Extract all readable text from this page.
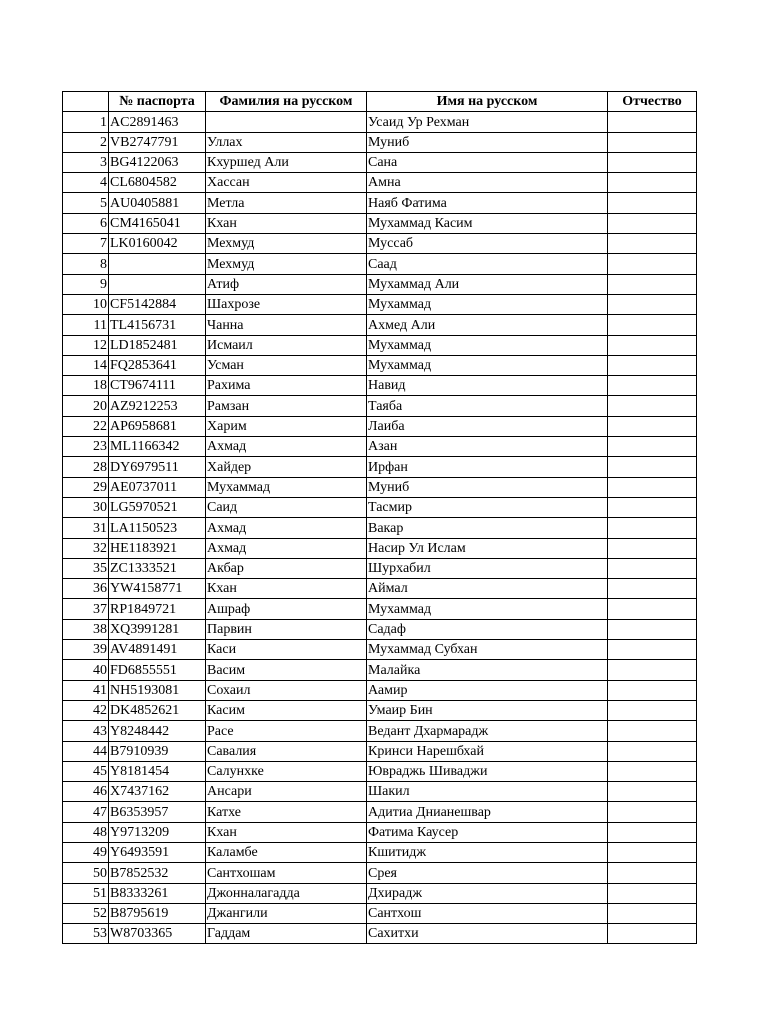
	№ паспорта	Фамилия на русском	Имя на русском	Отчество
1	AC2891463		Усаид Ур Рехман	
2	VB2747791	Уллах	Муниб	
3	BG4122063	Кхуршед Али	Сана	
4	CL6804582	Хассан	Амна	
5	AU0405881	Метла	Наяб Фатима	
6	CM4165041	Кхан	Мухаммад Касим	
7	LK0160042	Мехмуд	Муссаб	
8		Мехмуд	Саад	
9		Атиф	Мухаммад Али	
10	CF5142884	Шахрозе	Мухаммад	
11	TL4156731	Чанна	Ахмед Али	
12	LD1852481	Исмаил	Мухаммад	
14	FQ2853641	Усман	Мухаммад	
18	CT9674111	Рахима	Навид	
20	AZ9212253	Рамзан	Таяба	
22	AP6958681	Харим	Лаиба	
23	ML1166342	Ахмад	Азан	
28	DY6979511	Хайдер	Ирфан	
29	AE0737011	Мухаммад	Муниб	
30	LG5970521	Саид	Тасмир	
31	LA1150523	Ахмад	Вакар	
32	HE1183921	Ахмад	Насир Ул Ислам	
35	ZC1333521	Акбар	Шурхабил	
36	YW4158771	Кхан	Аймал	
37	RP1849721	Ашраф	Мухаммад	
38	XQ3991281	Парвин	Садаф	
39	AV4891491	Каси	Мухаммад Субхан	
40	FD6855551	Васим	Малайка	
41	NH5193081	Сохаил	Аамир	
42	DK4852621	Касим	Умаир Бин	
43	Y8248442	Расе	Ведант Дхармарадж	
44	B7910939	Савалия	Кринси Нарешбхай	
45	Y8181454	Салунхке	Ювраджь Шиваджи	
46	X7437162	Ансари	Шакил	
47	B6353957	Катхе	Адитиа Дниaнешвар	
48	Y9713209	Кхан	Фатима Каусер	
49	Y6493591	Каламбе	Кшитидж	
50	B7852532	Сантхошам	Срея	
51	B8333261	Джонналагадда	Дхирадж	
52	B8795619	Джангили	Сантхош	
53	W8703365	Гаддам	Сахитхи	
